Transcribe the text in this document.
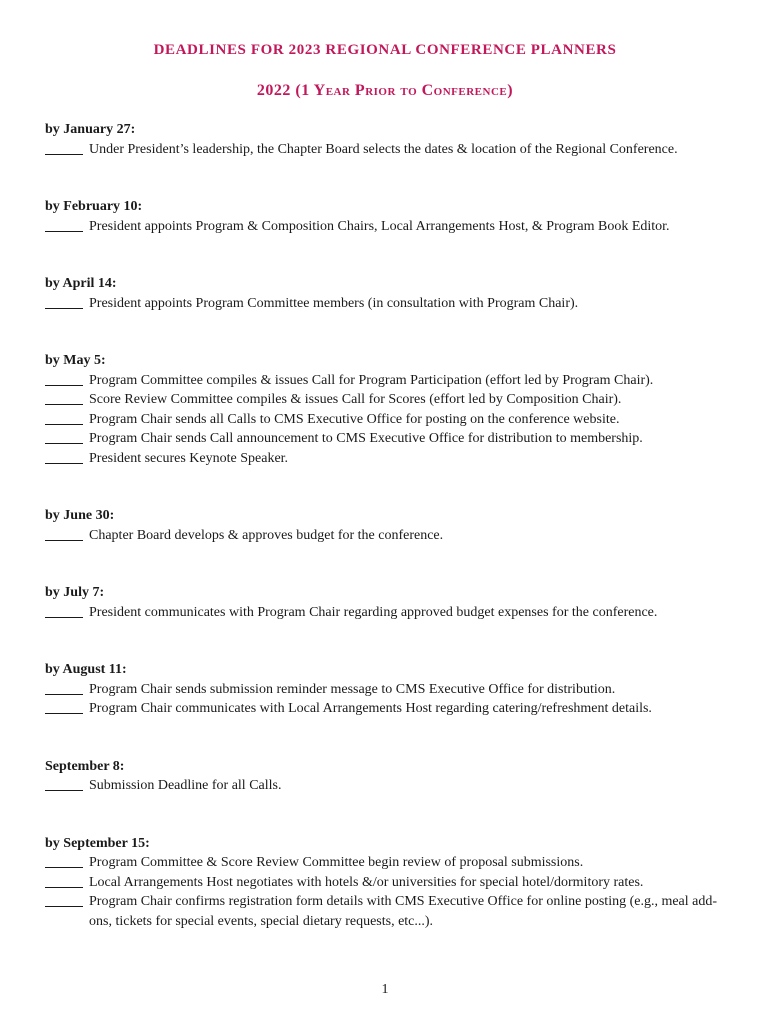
DEADLINES FOR 2023 REGIONAL CONFERENCE PLANNERS
2022 (1 Year Prior to Conference)
by January 27:
Under President’s leadership, the Chapter Board selects the dates & location of the Regional Conference.
by February 10:
President appoints Program & Composition Chairs, Local Arrangements Host, & Program Book Editor.
by April 14:
President appoints Program Committee members (in consultation with Program Chair).
by May 5:
Program Committee compiles & issues Call for Program Participation (effort led by Program Chair).
Score Review Committee compiles & issues Call for Scores (effort led by Composition Chair).
Program Chair sends all Calls to CMS Executive Office for posting on the conference website.
Program Chair sends Call announcement to CMS Executive Office for distribution to membership.
President secures Keynote Speaker.
by June 30:
Chapter Board develops & approves budget for the conference.
by July 7:
President communicates with Program Chair regarding approved budget expenses for the conference.
by August 11:
Program Chair sends submission reminder message to CMS Executive Office for distribution.
Program Chair communicates with Local Arrangements Host regarding catering/refreshment details.
September 8:
Submission Deadline for all Calls.
by September 15:
Program Committee & Score Review Committee begin review of proposal submissions.
Local Arrangements Host negotiates with hotels &/or universities for special hotel/dormitory rates.
Program Chair confirms registration form details with CMS Executive Office for online posting (e.g., meal add-ons, tickets for special events, special dietary requests, etc...).
1
